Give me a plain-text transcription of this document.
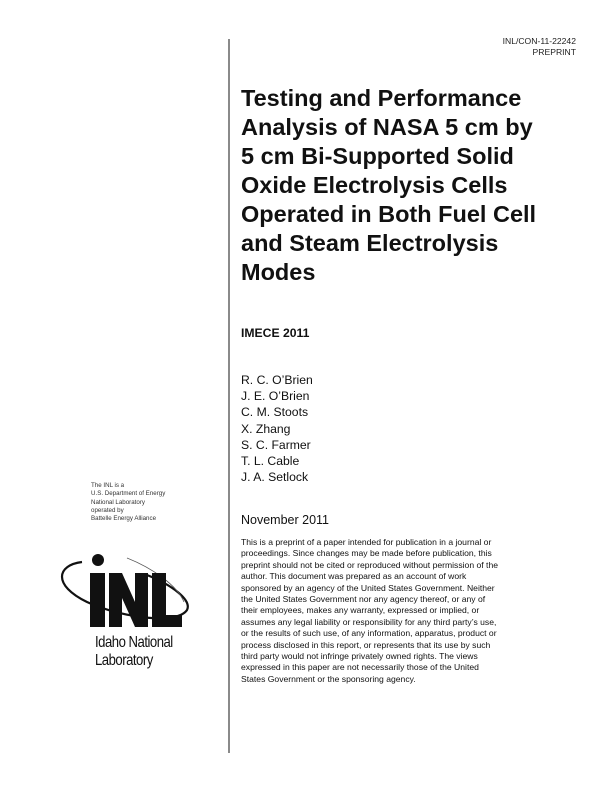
INL/CON-11-22242
PREPRINT
Testing and Performance
Analysis of NASA 5 cm by
5 cm Bi-Supported Solid
Oxide Electrolysis Cells
Operated in Both Fuel Cell
and Steam Electrolysis
Modes
IMECE 2011
R. C. O’Brien
J. E. O’Brien
C. M. Stoots
X. Zhang
S. C. Farmer
T. L. Cable
J. A. Setlock
The INL is a
U.S. Department of Energy
National Laboratory
operated by
Battelle Energy Alliance
Idaho National
Laboratory
November 2011
This is a preprint of a paper intended for publication in a journal or
proceedings. Since changes may be made before publication, this
preprint should not be cited or reproduced without permission of the
author. This document was prepared as an account of work
sponsored by an agency of the United States Government. Neither
the United States Government nor any agency thereof, or any of
their employees, makes any warranty, expressed or implied, or
assumes any legal liability or responsibility for any third party’s use,
or the results of such use, of any information, apparatus, product or
process disclosed in this report, or represents that its use by such
third party would not infringe privately owned rights. The views
expressed in this paper are not necessarily those of the United
States Government or the sponsoring agency.
